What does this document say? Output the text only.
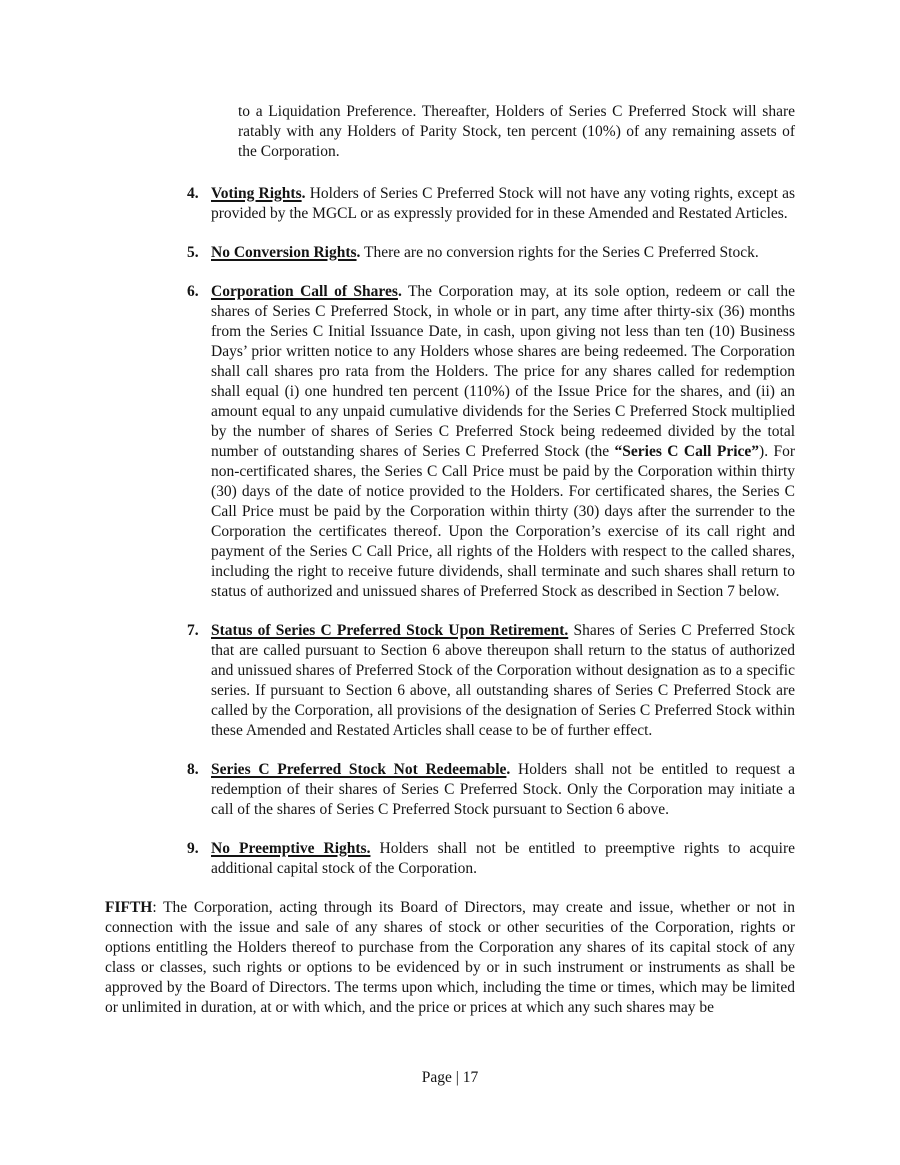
to a Liquidation Preference. Thereafter, Holders of Series C Preferred Stock will share ratably with any Holders of Parity Stock, ten percent (10%) of any remaining assets of the Corporation.

4. Voting Rights. Holders of Series C Preferred Stock will not have any voting rights, except as provided by the MGCL or as expressly provided for in these Amended and Restated Articles.
5. No Conversion Rights. There are no conversion rights for the Series C Preferred Stock.
6. Corporation Call of Shares. The Corporation may, at its sole option, redeem or call the shares of Series C Preferred Stock, in whole or in part, any time after thirty-six (36) months from the Series C Initial Issuance Date, in cash, upon giving not less than ten (10) Business Days’ prior written notice to any Holders whose shares are being redeemed. The Corporation shall call shares pro rata from the Holders. The price for any shares called for redemption shall equal (i) one hundred ten percent (110%) of the Issue Price for the shares, and (ii) an amount equal to any unpaid cumulative dividends for the Series C Preferred Stock multiplied by the number of shares of Series C Preferred Stock being redeemed divided by the total number of outstanding shares of Series C Preferred Stock (the “Series C Call Price”). For non-certificated shares, the Series C Call Price must be paid by the Corporation within thirty (30) days of the date of notice provided to the Holders. For certificated shares, the Series C Call Price must be paid by the Corporation within thirty (30) days after the surrender to the Corporation the certificates thereof. Upon the Corporation’s exercise of its call right and payment of the Series C Call Price, all rights of the Holders with respect to the called shares, including the right to receive future dividends, shall terminate and such shares shall return to status of authorized and unissued shares of Preferred Stock as described in Section 7 below.
7. Status of Series C Preferred Stock Upon Retirement. Shares of Series C Preferred Stock that are called pursuant to Section 6 above thereupon shall return to the status of authorized and unissued shares of Preferred Stock of the Corporation without designation as to a specific series. If pursuant to Section 6 above, all outstanding shares of Series C Preferred Stock are called by the Corporation, all provisions of the designation of Series C Preferred Stock within these Amended and Restated Articles shall cease to be of further effect.
8. Series C Preferred Stock Not Redeemable. Holders shall not be entitled to request a redemption of their shares of Series C Preferred Stock. Only the Corporation may initiate a call of the shares of Series C Preferred Stock pursuant to Section 6 above.
9. No Preemptive Rights. Holders shall not be entitled to preemptive rights to acquire additional capital stock of the Corporation.

FIFTH: The Corporation, acting through its Board of Directors, may create and issue, whether or not in connection with the issue and sale of any shares of stock or other securities of the Corporation, rights or options entitling the Holders thereof to purchase from the Corporation any shares of its capital stock of any class or classes, such rights or options to be evidenced by or in such instrument or instruments as shall be approved by the Board of Directors. The terms upon which, including the time or times, which may be limited or unlimited in duration, at or with which, and the price or prices at which any such shares may be

Page | 17
